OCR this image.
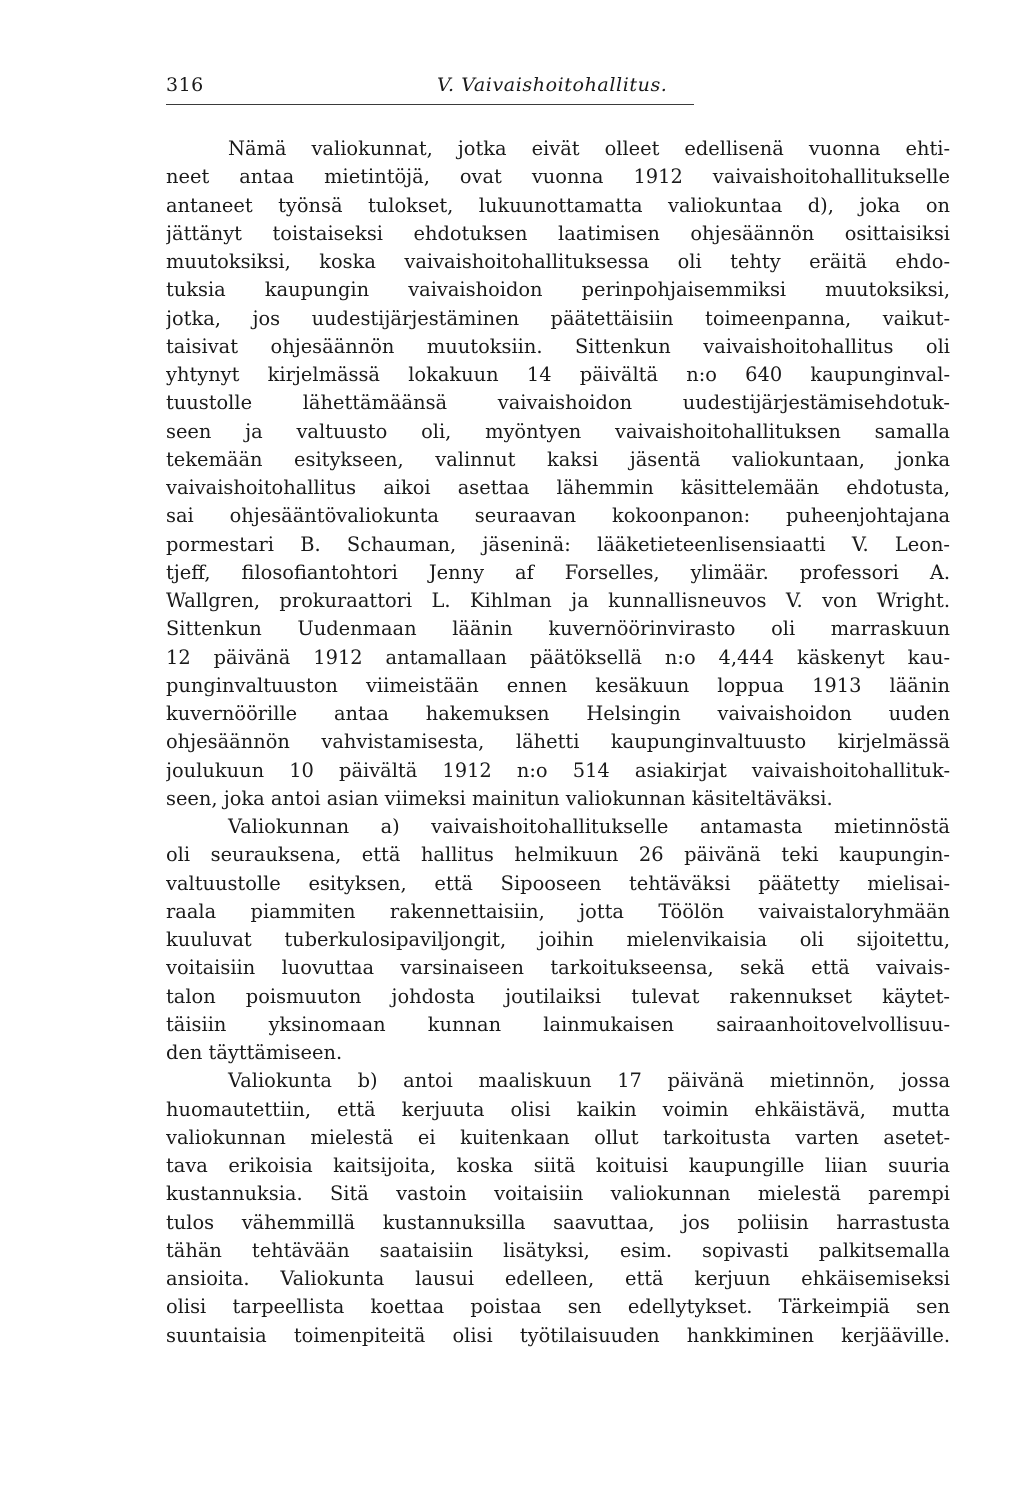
316	V. Vaivaishoitohallitus.
Nämä valiokunnat, jotka eivät olleet edellisenä vuonna ehti-
neet antaa mietintöjä, ovat vuonna 1912 vaivaishoitohallitukselle
antaneet työnsä tulokset, lukuunottamatta valiokuntaa d), joka on
jättänyt toistaiseksi ehdotuksen laatimisen ohjesäännön osittaisiksi
muutoksiksi, koska vaivaishoitohallituksessa oli tehty eräitä ehdo-
tuksia kaupungin vaivaishoidon perinpohjaisemmiksi muutoksiksi,
jotka, jos uudestijärjestäminen päätettäisiin toimeenpanna, vaikut-
taisivat ohjesäännön muutoksiin. Sittenkun vaivaishoitohallitus oli
yhtynyt kirjelmässä lokakuun 14 päivältä n:o 640 kaupunginval-
tuustolle lähettämäänsä vaivaishoidon uudestijärjestämisehdotuk-
seen ja valtuusto oli, myöntyen vaivaishoitohallituksen samalla
tekemään esitykseen, valinnut kaksi jäsentä valiokuntaan, jonka
vaivaishoitohallitus aikoi asettaa lähemmin käsittelemään ehdotusta,
sai ohjesääntövaliokunta seuraavan kokoonpanon: puheenjohtajana
pormestari B. Schauman, jäseninä: lääketieteenlisensiaatti V. Leon-
tjeff, filosofiantohtori Jenny af Forselles, ylimäär. professori A.
Wallgren, prokuraattori L. Kihlman ja kunnallisneuvos V. von Wright.
Sittenkun Uudenmaan läänin kuvernöörinvirasto oli marraskuun
12 päivänä 1912 antamallaan päätöksellä n:o 4,444 käskenyt kau-
punginvaltuuston viimeistään ennen kesäkuun loppua 1913 läänin
kuvernöörille antaa hakemuksen Helsingin vaivaishoidon uuden
ohjesäännön vahvistamisesta, lähetti kaupunginvaltuusto kirjelmässä
joulukuun 10 päivältä 1912 n:o 514 asiakirjat vaivaishoitohallituk-
seen, joka antoi asian viimeksi mainitun valiokunnan käsiteltäväksi.
Valiokunnan a) vaivaishoitohallitukselle antamasta mietinnöstä
oli seurauksena, että hallitus helmikuun 26 päivänä teki kaupungin-
valtuustolle esityksen, että Sipooseen tehtäväksi päätetty mielisai-
raala piammiten rakennettaisiin, jotta Töölön vaivaistaloryhmään
kuuluvat tuberkulosipaviljongit, joihin mielenvikaisia oli sijoitettu,
voitaisiin luovuttaa varsinaiseen tarkoitukseensa, sekä että vaivais-
talon poismuuton johdosta joutilaiksi tulevat rakennukset käytet-
täisiin yksinomaan kunnan lainmukaisen sairaanhoitovelvollisuu-
den täyttämiseen.
Valiokunta b) antoi maaliskuun 17 päivänä mietinnön, jossa
huomautettiin, että kerjuuta olisi kaikin voimin ehkäistävä, mutta
valiokunnan mielestä ei kuitenkaan ollut tarkoitusta varten asetet-
tava erikoisia kaitsijoita, koska siitä koituisi kaupungille liian suuria
kustannuksia. Sitä vastoin voitaisiin valiokunnan mielestä parempi
tulos vähemmillä kustannuksilla saavuttaa, jos poliisin harrastusta
tähän tehtävään saataisiin lisätyksi, esim. sopivasti palkitsemalla
ansioita. Valiokunta lausui edelleen, että kerjuun ehkäisemiseksi
olisi tarpeellista koettaa poistaa sen edellytykset. Tärkeimpiä sen
suuntaisia toimenpiteitä olisi työtilaisuuden hankkiminen kerjääville.
